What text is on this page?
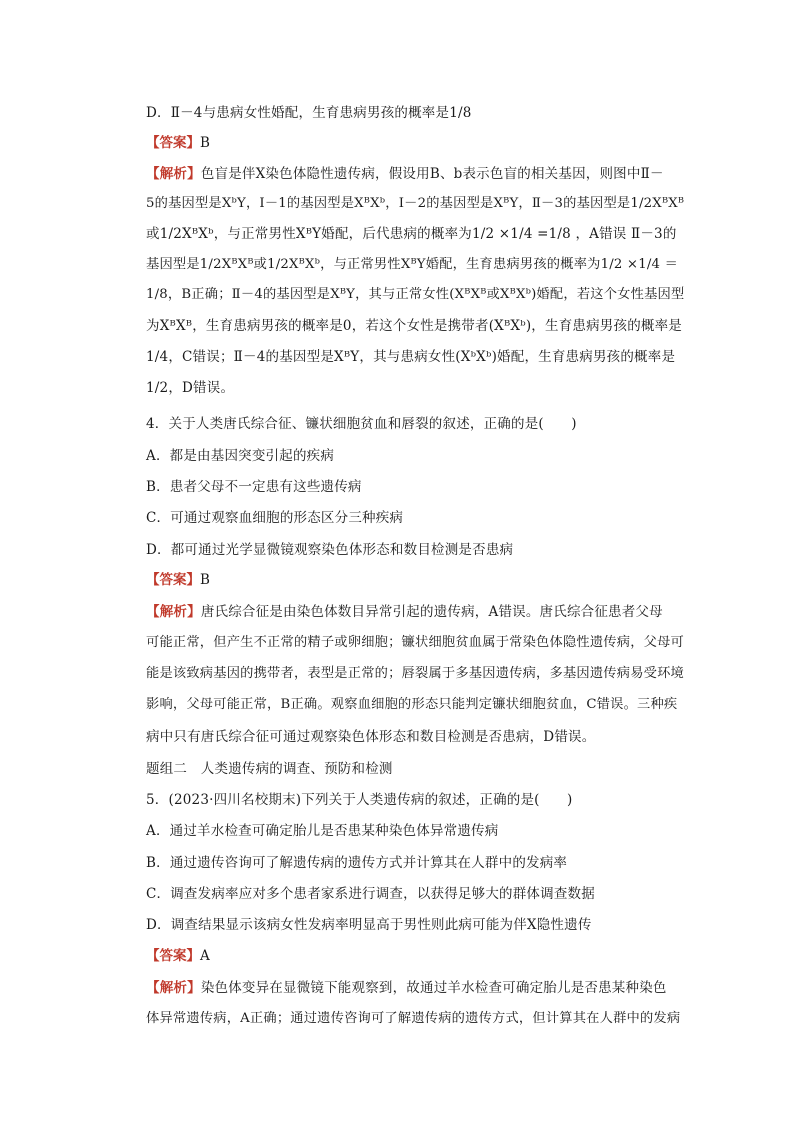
D．Ⅱ－4与患病女性婚配，生育患病男孩的概率是1/8
【答案】B
【解析】色盲是伴X染色体隐性遗传病，假设用B、b表示色盲的相关基因，则图中Ⅱ－
5的基因型是XᵇY，Ⅰ－1的基因型是XᴮXᵇ，Ⅰ－2的基因型是XᴮY，Ⅱ－3的基因型是1/2XᴮXᴮ
或1/2XᴮXᵇ，与正常男性XᴮY婚配，后代患病的概率为1/2 ×1/4 =1/8 ，A错误 Ⅱ－3的
基因型是1/2XᴮXᴮ或1/2XᴮXᵇ，与正常男性XᴮY婚配，生育患病男孩的概率为1/2 ×1/4 ＝
1/8，B正确；Ⅱ－4的基因型是XᴮY，其与正常女性(XᴮXᴮ或XᴮXᵇ)婚配，若这个女性基因型
为XᴮXᴮ，生育患病男孩的概率是0，若这个女性是携带者(XᴮXᵇ)，生育患病男孩的概率是
1/4，C错误；Ⅱ－4的基因型是XᴮY，其与患病女性(XᵇXᵇ)婚配，生育患病男孩的概率是
1/2，D错误。
4．关于人类唐氏综合征、镰状细胞贫血和唇裂的叙述，正确的是(　　)
A．都是由基因突变引起的疾病
B．患者父母不一定患有这些遗传病
C．可通过观察血细胞的形态区分三种疾病
D．都可通过光学显微镜观察染色体形态和数目检测是否患病
【答案】B
【解析】唐氏综合征是由染色体数目异常引起的遗传病，A错误。唐氏综合征患者父母
可能正常，但产生不正常的精子或卵细胞；镰状细胞贫血属于常染色体隐性遗传病，父母可
能是该致病基因的携带者，表型是正常的；唇裂属于多基因遗传病，多基因遗传病易受环境
影响，父母可能正常，B正确。观察血细胞的形态只能判定镰状细胞贫血，C错误。三种疾
病中只有唐氏综合征可通过观察染色体形态和数目检测是否患病，D错误。
题组二　人类遗传病的调查、预防和检测
5．(2023·四川名校期末)下列关于人类遗传病的叙述，正确的是(　　)
A．通过羊水检查可确定胎儿是否患某种染色体异常遗传病
B．通过遗传咨询可了解遗传病的遗传方式并计算其在人群中的发病率
C．调查发病率应对多个患者家系进行调查，以获得足够大的群体调查数据
D．调查结果显示该病女性发病率明显高于男性则此病可能为伴X隐性遗传
【答案】A
【解析】染色体变异在显微镜下能观察到，故通过羊水检查可确定胎儿是否患某种染色
体异常遗传病，A正确；通过遗传咨询可了解遗传病的遗传方式，但计算其在人群中的发病
